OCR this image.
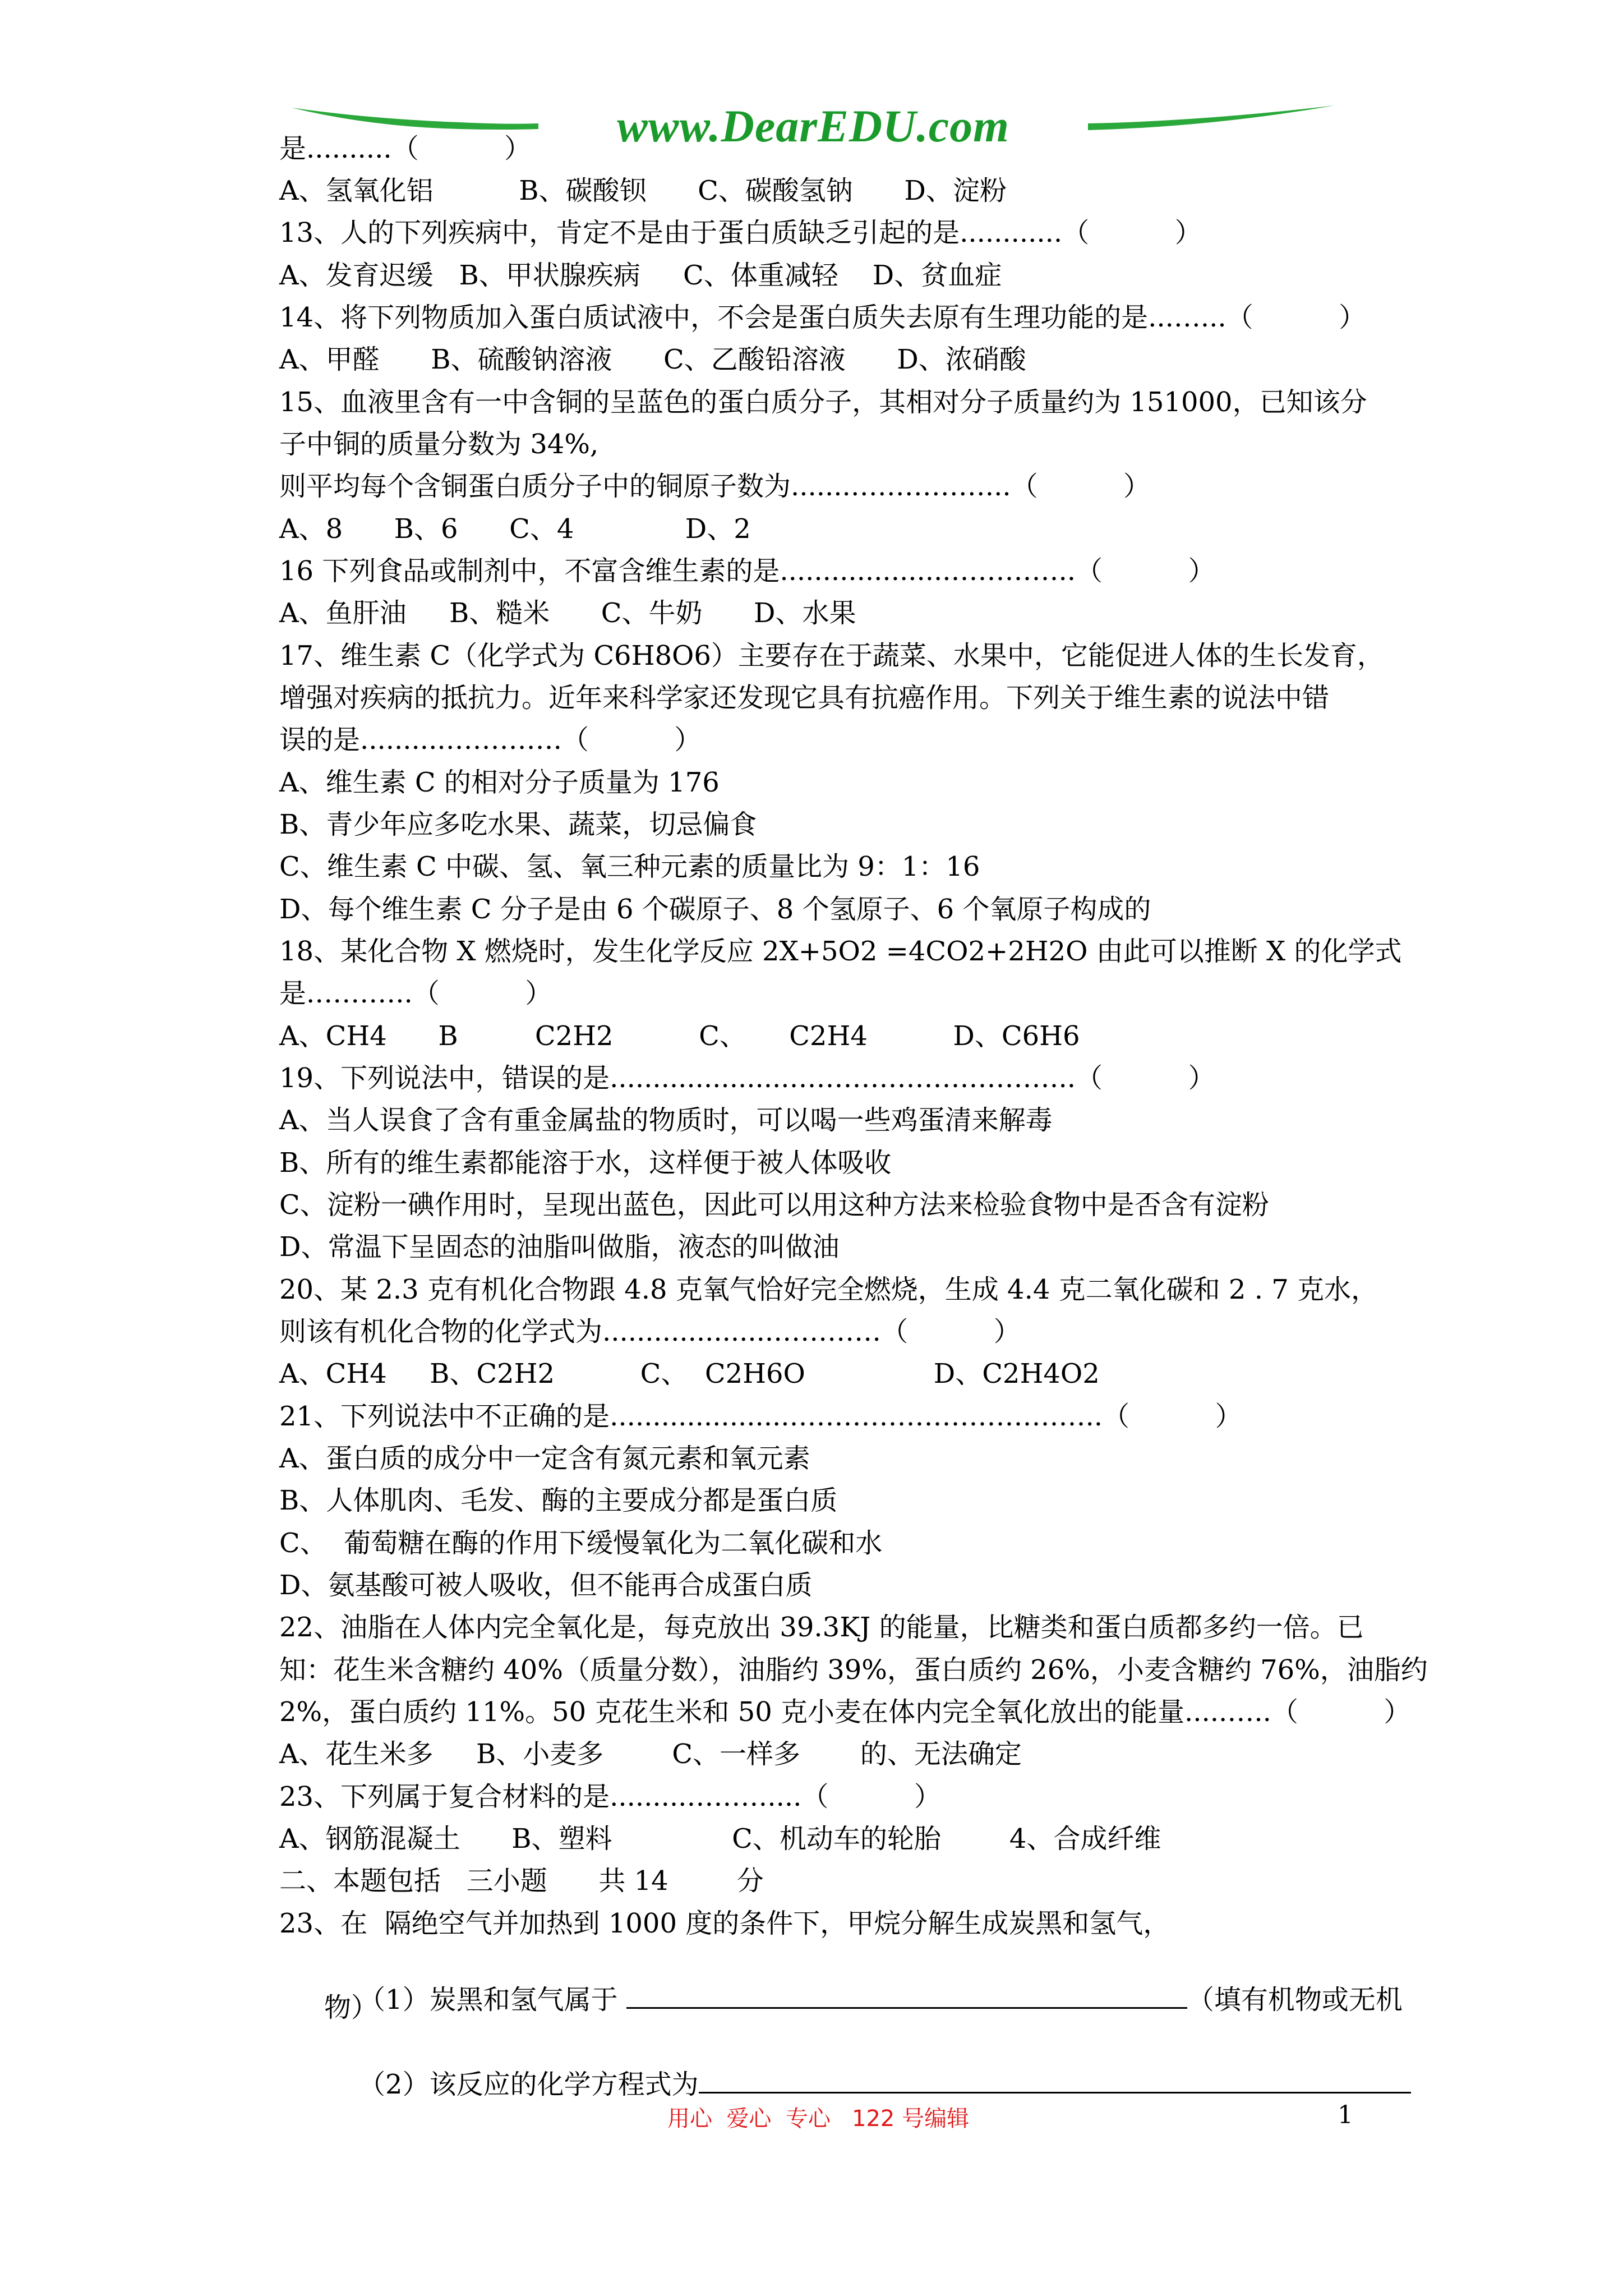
www.DearEDU.com
是..........（          ）
A、氢氧化铝          B、碳酸钡      C、碳酸氢钠      D、淀粉
13、人的下列疾病中，肯定不是由于蛋白质缺乏引起的是............（          ）
A、发育迟缓   B、甲状腺疾病     C、体重减轻    D、贫血症
14、将下列物质加入蛋白质试液中，不会是蛋白质失去原有生理功能的是...…...（          ）
A、甲醛      B、硫酸钠溶液      C、乙酸铅溶液      D、浓硝酸
15、血液里含有一中含铜的呈蓝色的蛋白质分子，其相对分子质量约为 151000，已知该分
子中铜的质量分数为 34%,
则平均每个含铜蛋白质分子中的铜原子数为.......……………...（          ）
A、8      B、6      C、4             D、2
16 下列食品或制剂中，不富含维生素的是....................…………..（          ）
A、鱼肝油     B、糙米      C、牛奶      D、水果
17、维生素 C（化学式为 C6H8O6）主要存在于蔬菜、水果中，它能促进人体的生长发育，
增强对疾病的抵抗力。近年来科学家还发现它具有抗癌作用。下列关于维生素的说法中错
误的是..........………….（          ）
A、维生素 C 的相对分子质量为 176
B、青少年应多吃水果、蔬菜，切忌偏食
C、维生素 C 中碳、氢、氧三种元素的质量比为 9：1：16
D、每个维生素 C 分子是由 6 个碳原子、8 个氢原子、6 个氧原子构成的
18、某化合物 X 燃烧时，发生化学反应 2X+5O2 =4CO2+2H2O 由此可以推断 X 的化学式
是.………..（          ）
A、CH4      B         C2H2          C、     C2H4          D、C6H6
19、下列说法中，错误的是.....................…………………………..（          ）
A、当人误食了含有重金属盐的物质时，可以喝一些鸡蛋清来解毒
B、所有的维生素都能溶于水，这样便于被人体吸收
C、淀粉一碘作用时，呈现出蓝色，因此可以用这种方法来检验食物中是否含有淀粉
D、常温下呈固态的油脂叫做脂，液态的叫做油
20、某 2.3 克有机化合物跟 4.8 克氧气恰好完全燃烧，生成 4.4 克二氧化碳和 2 . 7 克水，
则该有机化合物的化学式为....................…………（          ）
A、CH4     B、C2H2          C、  C2H6O               D、C2H4O2
21、下列说法中不正确的是.....................……………………………..（          ）
A、蛋白质的成分中一定含有氮元素和氧元素
B、人体肌肉、毛发、酶的主要成分都是蛋白质
C、  葡萄糖在酶的作用下缓慢氧化为二氧化碳和水
D、氨基酸可被人吸收，但不能再合成蛋白质
22、油脂在人体内完全氧化是，每克放出 39.3KJ 的能量，比糖类和蛋白质都多约一倍。已
知：花生米含糖约 40%（质量分数），油脂约 39%，蛋白质约 26%，小麦含糖约 76%，油脂约
2%，蛋白质约 11%。50 克花生米和 50 克小麦在体内完全氧化放出的能量.....…..（          ）
A、花生米多     B、小麦多        C、一样多       的、无法确定
23、下列属于复合材料的是.........………....（          ）
A、钢筋混凝土      B、塑料              C、机动车的轮胎        4、合成纤维
二、本题包括   三小题      共 14        分
23、在  隔绝空气并加热到 1000 度的条件下，甲烷分解生成炭黑和氢气，

（1）炭黑和氢气属于	（填有机物或无机

物）

（2）该反应的化学方程式为

用心  爱心  专心   122 号编辑	1
